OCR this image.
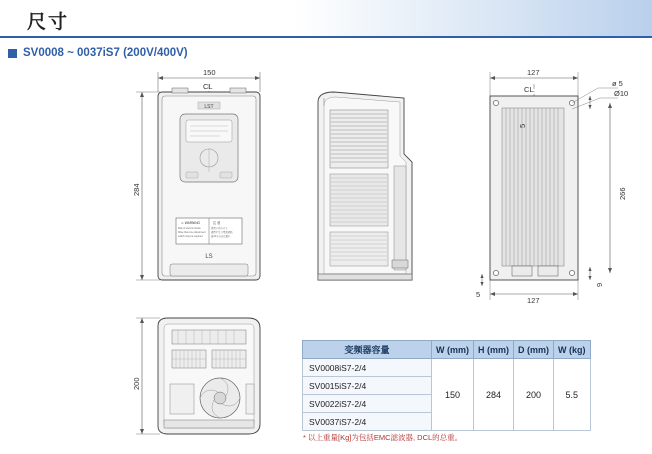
尺寸
SV0008 ~ 0037iS7 (200V/400V)
LST
⚠ WARNING	注 意
Risk of electric shock.
More than one disconnect
switch may be required.
感電の恐れあり
通電中及び電源遮断
後10分以内は触れ
LS
150
CL
284
127
CL
ø 5
Ø10
5
266
9
5
127
200
变频器容量	W (mm)	H (mm)	D (mm)	W (kg)
SV0008iS7-2/4	150	284	200	5.5
SV0015iS7-2/4				
SV0022iS7-2/4				
SV0037iS7-2/4				
* 以上重量[Kg]为包括EMC滤波器, DCL的总重。
